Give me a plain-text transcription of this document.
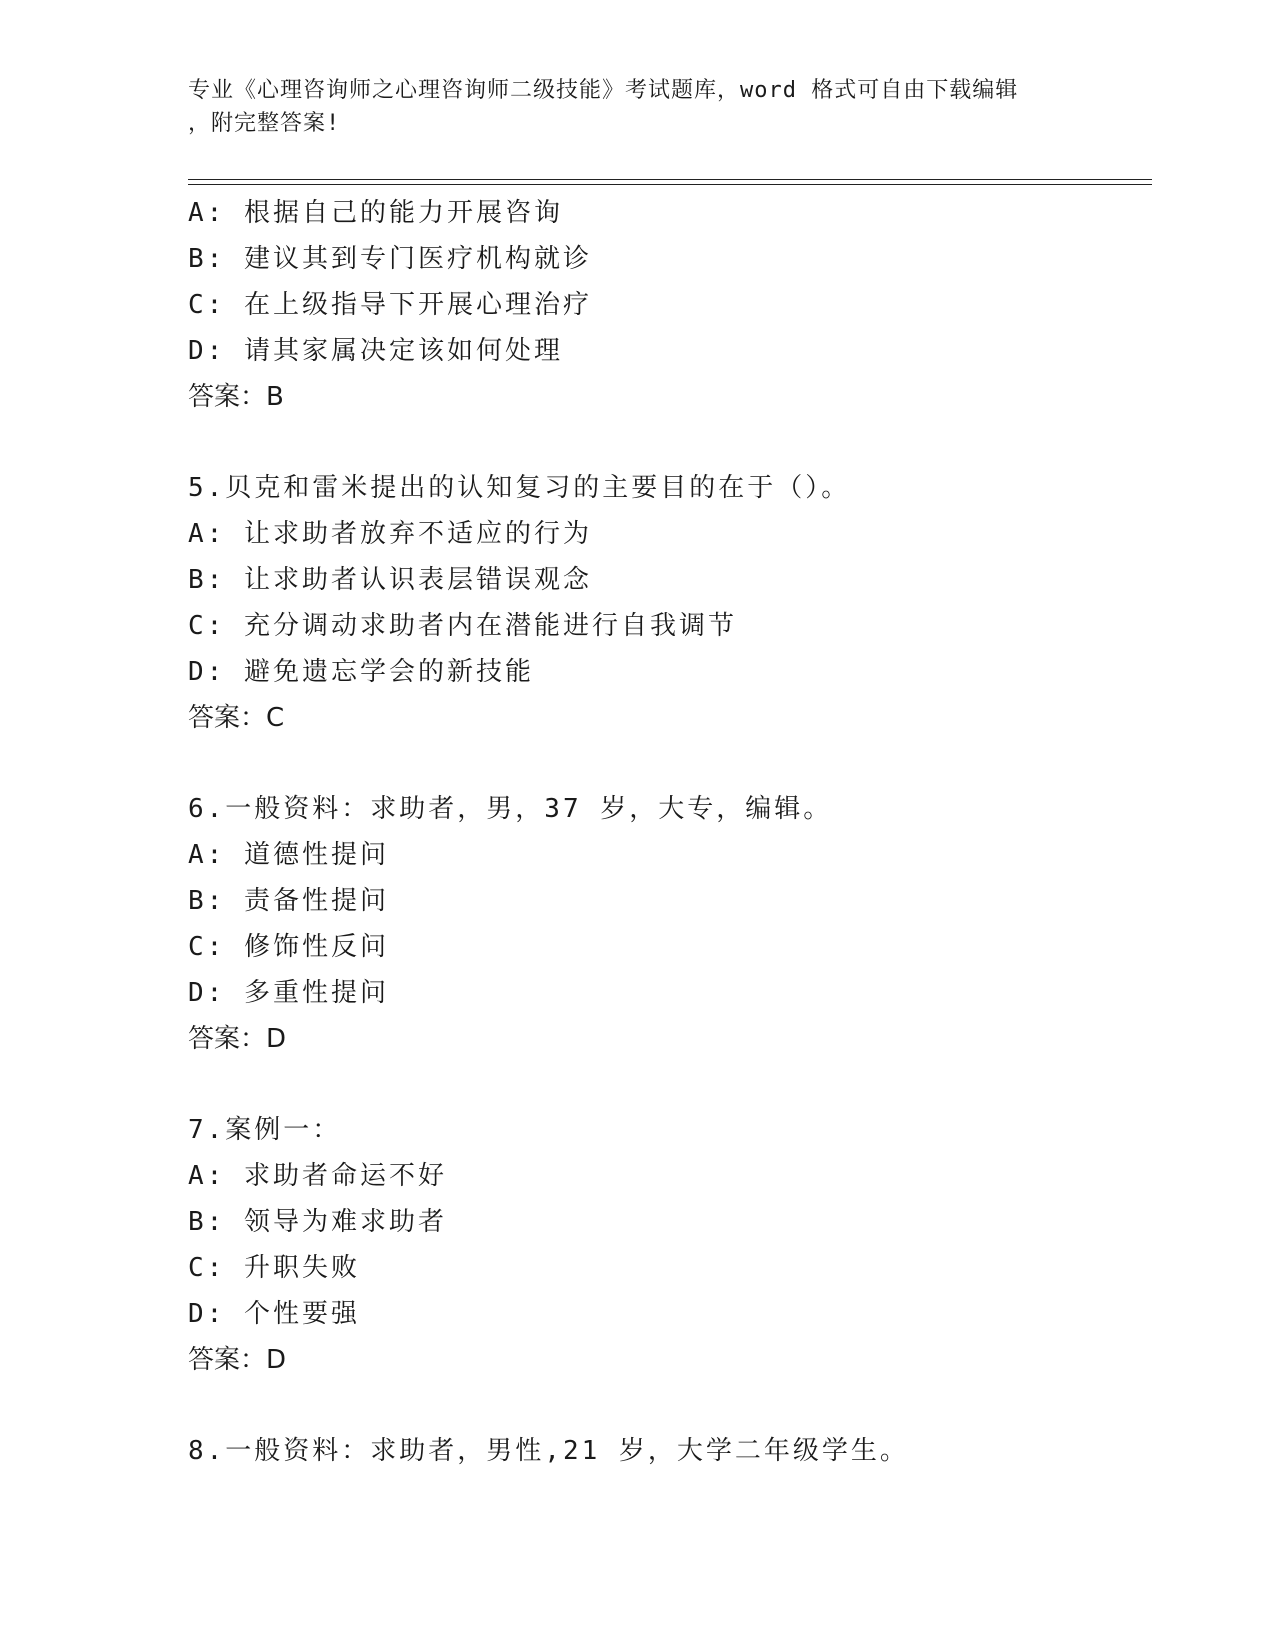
专业《心理咨询师之心理咨询师二级技能》考试题库，word 格式可自由下载编辑
，附完整答案!
A: 根据自己的能力开展咨询
B: 建议其到专门医疗机构就诊
C: 在上级指导下开展心理治疗
D: 请其家属决定该如何处理
答案：B
5.贝克和雷米提出的认知复习的主要目的在于（）。
A: 让求助者放弃不适应的行为
B: 让求助者认识表层错误观念
C: 充分调动求助者内在潜能进行自我调节
D: 避免遗忘学会的新技能
答案：C
6.一般资料：求助者，男，37 岁，大专，编辑。
A: 道德性提问
B: 责备性提问
C: 修饰性反问
D: 多重性提问
答案：D
7.案例一：
A: 求助者命运不好
B: 领导为难求助者
C: 升职失败
D: 个性要强
答案：D
8.一般资料：求助者，男性,21 岁，大学二年级学生。
